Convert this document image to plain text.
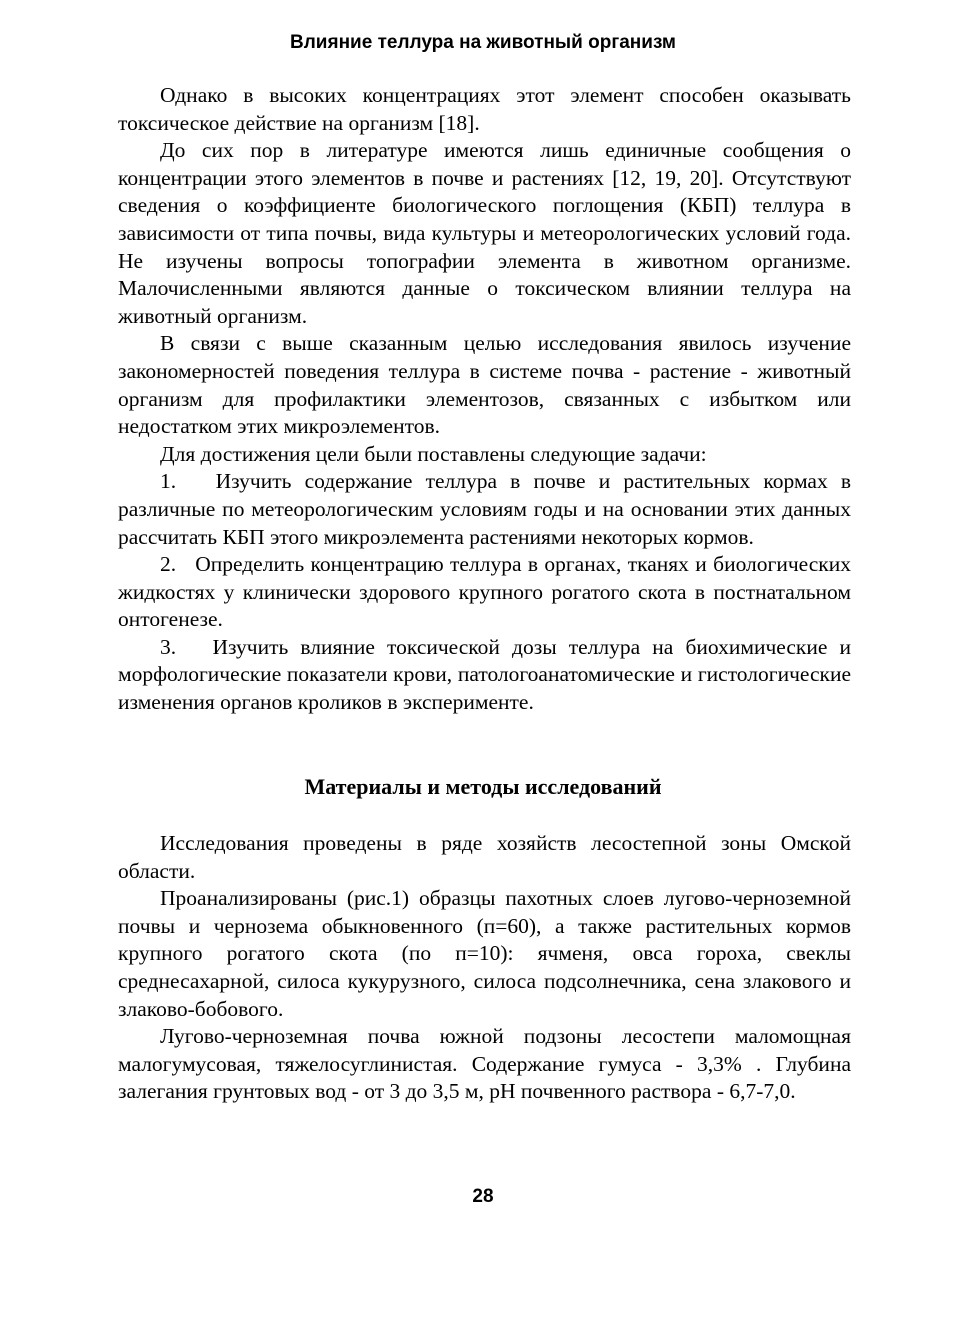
Влияние теллура на животный организм

Однако в высоких концентрациях этот элемент способен оказывать токсическое действие на организм [18].

До сих пор в литературе имеются лишь единичные сообщения о концентрации этого элементов в почве и растениях [12, 19, 20]. Отсутствуют сведения о коэффициенте биологического поглощения (КБП) теллура в зависимости от типа почвы, вида культуры и метеорологических условий года. Не изучены вопросы топографии элемента в животном организме. Малочисленными являются данные о токсическом влиянии теллура на животный организм.

В связи с выше сказанным целью исследования явилось изучение закономерностей поведения теллура в системе почва - растение - животный организм для профилактики элементозов, связанных с избытком или недостатком этих микроэлементов.

Для достижения цели были поставлены следующие задачи:

1. Изучить содержание теллура в почве и растительных кормах в различные по метеорологическим условиям годы и на основании этих данных рассчитать КБП этого микроэлемента растениями некоторых кормов.

2. Определить концентрацию теллура в органах, тканях и биологических жидкостях у клинически здорового крупного рогатого скота в постнатальном онтогенезе.

3. Изучить влияние токсической дозы теллура на биохимические и морфологические показатели крови, патологоанатомические и гистологические изменения органов кроликов в эксперименте.

Материалы и методы исследований

Исследования проведены в ряде хозяйств лесостепной зоны Омской области.

Проанализированы (рис.1) образцы пахотных слоев лугово-черноземной почвы и чернозема обыкновенного (п=60), а также растительных кормов крупного рогатого скота (по п=10): ячменя, овса гороха, свеклы среднесахарной, силоса кукурузного, силоса подсолнечника, сена злакового и злаково-бобового.

Лугово-черноземная почва южной подзоны лесостепи маломощная малогумусовая, тяжелосуглинистая. Содержание гумуса - 3,3% . Глубина залегания грунтовых вод - от 3 до 3,5 м, рН почвенного раствора - 6,7-7,0.

28
